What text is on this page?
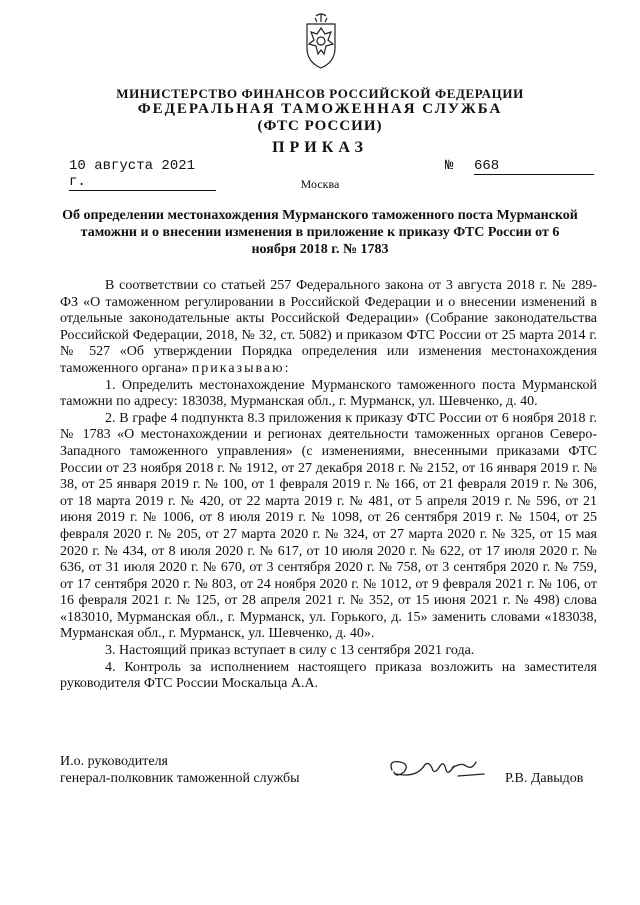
МИНИСТЕРСТВО ФИНАНСОВ РОССИЙСКОЙ ФЕДЕРАЦИИ
ФЕДЕРАЛЬНАЯ ТАМОЖЕННАЯ СЛУЖБА
(ФТС РОССИИ)
ПРИКАЗ
10 августа 2021 г.
№ 668
Москва
Об определении местонахождения Мурманского таможенного поста Мурманской таможни и о внесении изменения в приложение к приказу ФТС России от 6 ноября 2018 г. № 1783

В соответствии со статьей 257 Федерального закона от 3 августа 2018 г. № 289-ФЗ «О таможенном регулировании в Российской Федерации и о внесении изменений в отдельные законодательные акты Российской Федерации» (Собрание законодательства Российской Федерации, 2018, № 32, ст. 5082) и приказом ФТС России от 25 марта 2014 г. № 527 «Об утверждении Порядка определения или изменения местонахождения таможенного органа» приказываю:

1. Определить местонахождение Мурманского таможенного поста Мурманской таможни по адресу: 183038, Мурманская обл., г. Мурманск, ул. Шевченко, д. 40.

2. В графе 4 подпункта 8.3 приложения к приказу ФТС России от 6 ноября 2018 г. № 1783 «О местонахождении и регионах деятельности таможенных органов Северо-Западного таможенного управления» (с изменениями, внесенными приказами ФТС России от 23 ноября 2018 г. № 1912, от 27 декабря 2018 г. № 2152, от 16 января 2019 г. № 38, от 25 января 2019 г. № 100, от 1 февраля 2019 г. № 166, от 21 февраля 2019 г. № 306, от 18 марта 2019 г. № 420, от 22 марта 2019 г. № 481, от 5 апреля 2019 г. № 596, от 21 июня 2019 г. № 1006, от 8 июля 2019 г. № 1098, от 26 сентября 2019 г. № 1504, от 25 февраля 2020 г. № 205, от 27 марта 2020 г. № 324, от 27 марта 2020 г. № 325, от 15 мая 2020 г. № 434, от 8 июля 2020 г. № 617, от 10 июля 2020 г. № 622, от 17 июля 2020 г. № 636, от 31 июля 2020 г. № 670, от 3 сентября 2020 г. № 758, от 3 сентября 2020 г. № 759, от 17 сентября 2020 г. № 803, от 24 ноября 2020 г. № 1012, от 9 февраля 2021 г. № 106, от 16 февраля 2021 г. № 125, от 28 апреля 2021 г. № 352, от 15 июня 2021 г. № 498) слова «183010, Мурманская обл., г. Мурманск, ул. Горького, д. 15» заменить словами «183038, Мурманская обл., г. Мурманск, ул. Шевченко, д. 40».

3. Настоящий приказ вступает в силу с 13 сентября 2021 года.

4. Контроль за исполнением настоящего приказа возложить на заместителя руководителя ФТС России Москальца А.А.

И.о. руководителя
генерал-полковник таможенной службы	Р.В. Давыдов
